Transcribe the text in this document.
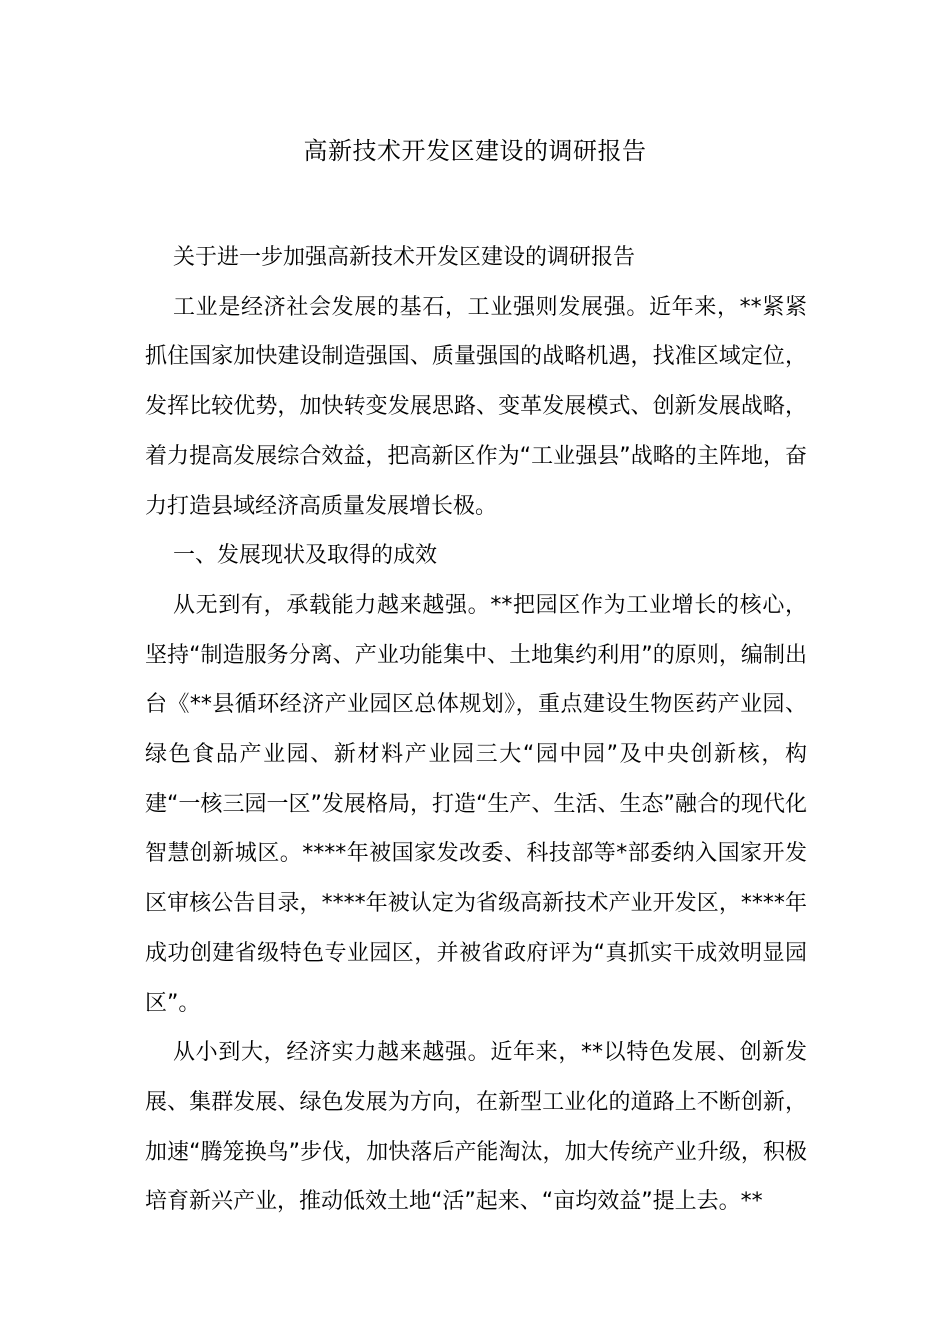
高新技术开发区建设的调研报告

关于进一步加强高新技术开发区建设的调研报告

工业是经济社会发展的基石，工业强则发展强。近年来，**紧紧抓住国家加快建设制造强国、质量强国的战略机遇，找准区域定位，发挥比较优势，加快转变发展思路、变革发展模式、创新发展战略，着力提高发展综合效益，把高新区作为“工业强县”战略的主阵地，奋力打造县域经济高质量发展增长极。

一、发展现状及取得的成效

从无到有，承载能力越来越强。**把园区作为工业增长的核心，坚持“制造服务分离、产业功能集中、土地集约利用”的原则，编制出台《**县循环经济产业园区总体规划》，重点建设生物医药产业园、绿色食品产业园、新材料产业园三大“园中园”及中央创新核，构建“一核三园一区”发展格局，打造“生产、生活、生态”融合的现代化智慧创新城区。****年被国家发改委、科技部等*部委纳入国家开发区审核公告目录，****年被认定为省级高新技术产业开发区，****年成功创建省级特色专业园区，并被省政府评为“真抓实干成效明显园区”。

从小到大，经济实力越来越强。近年来，**以特色发展、创新发展、集群发展、绿色发展为方向，在新型工业化的道路上不断创新，加速“腾笼换鸟”步伐，加快落后产能淘汰，加大传统产业升级，积极培育新兴产业，推动低效土地“活”起来、“亩均效益”提上去。**
